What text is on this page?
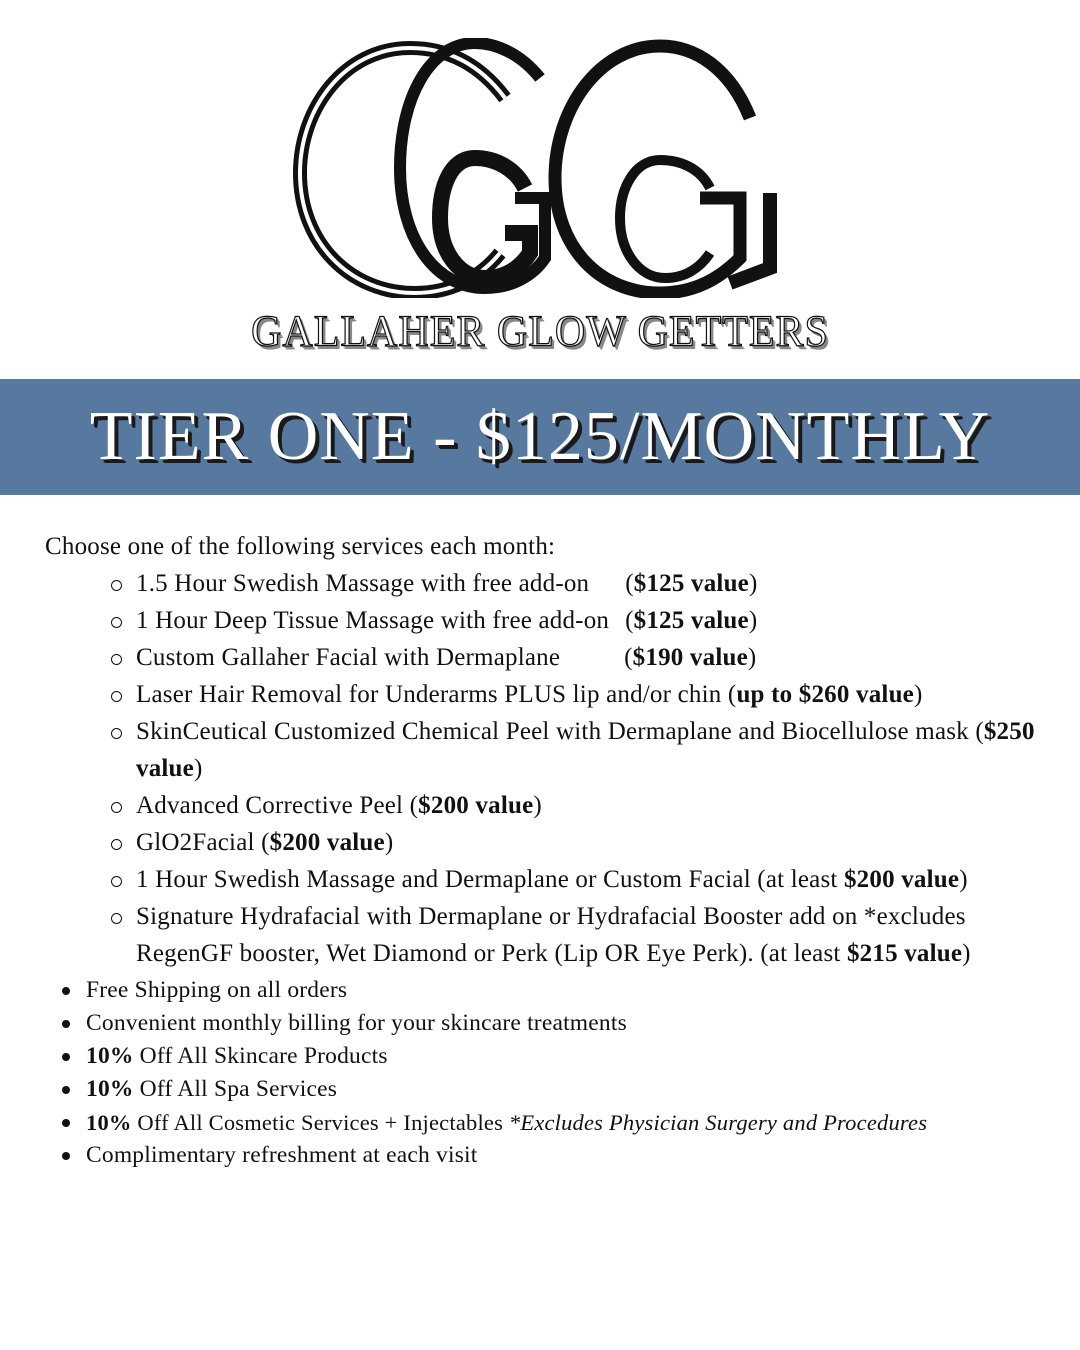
GALLAHER GLOW GETTERS
TIER ONE - $125/MONTHLY

Choose one of the following services each month:

1.5 Hour Swedish Massage with free add-on ($125 value)
1 Hour Deep Tissue Massage with free add-on ($125 value)
Custom Gallaher Facial with Dermaplane	($190 value)
Laser Hair Removal for Underarms PLUS lip and/or chin (up to $260 value)
SkinCeutical Customized Chemical Peel with Dermaplane and Biocellulose mask ($250 value)
Advanced Corrective Peel ($200 value)
GlO2Facial ($200 value)
1 Hour Swedish Massage and Dermaplane or Custom Facial (at least $200 value)
Signature Hydrafacial with Dermaplane or Hydrafacial Booster add on *excludes RegenGF booster, Wet Diamond or Perk (Lip OR Eye Perk). (at least $215 value)
Free Shipping on all orders
Convenient monthly billing for your skincare treatments
10% Off All Skincare Products
10% Off All Spa Services
10% Off All Cosmetic Services + Injectables *Excludes Physician Surgery and Procedures
Complimentary refreshment at each visit
